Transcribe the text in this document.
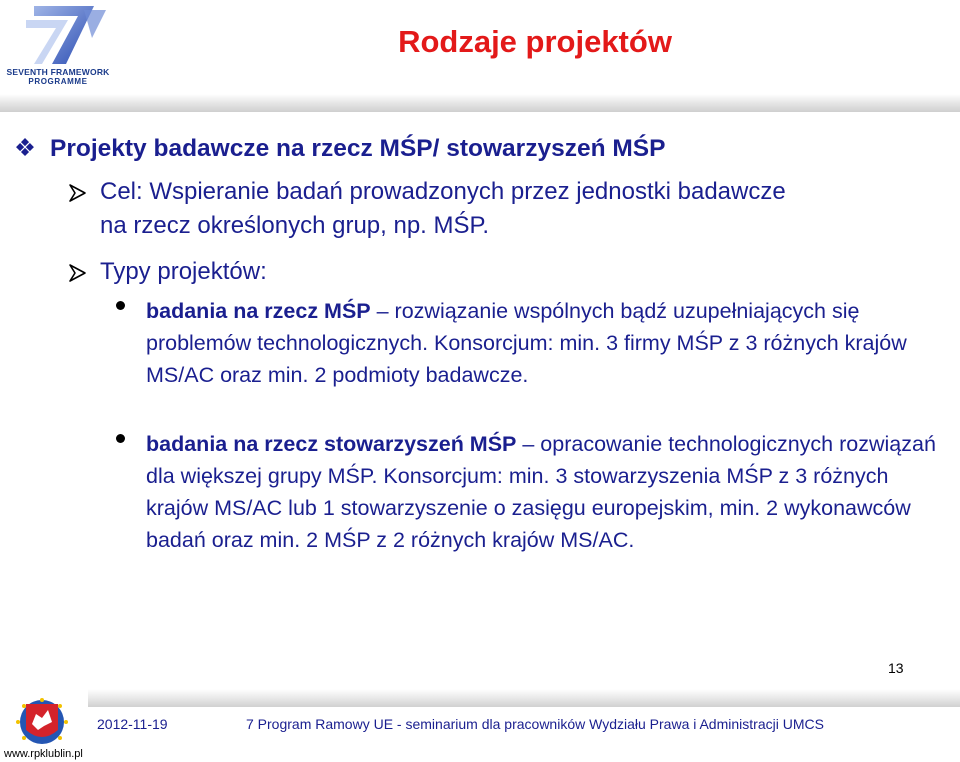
SEVENTH FRAMEWORK
PROGRAMME
Rodzaje projektów
❖ Projekty badawcze na rzecz MŚP/ stowarzyszeń MŚP
Cel: Wspieranie badań prowadzonych przez jednostki badawcze
na rzecz określonych grup, np. MŚP.
Typy projektów:
badania na rzecz MŚP – rozwiązanie wspólnych bądź uzupełniających się problemów technologicznych. Konsorcjum: min. 3 firmy MŚP z 3 różnych krajów MS/AC oraz min. 2 podmioty badawcze.
badania na rzecz stowarzyszeń MŚP – opracowanie technologicznych rozwiązań dla większej grupy MŚP. Konsorcjum: min. 3 stowarzyszenia MŚP z 3 różnych krajów MS/AC lub 1 stowarzyszenie o zasięgu europejskim, min. 2 wykonawców badań oraz min. 2 MŚP z 2 różnych krajów MS/AC.
13
www.rpklublin.pl
2012-11-19	7 Program Ramowy UE - seminarium dla pracowników Wydziału Prawa i Administracji UMCS
